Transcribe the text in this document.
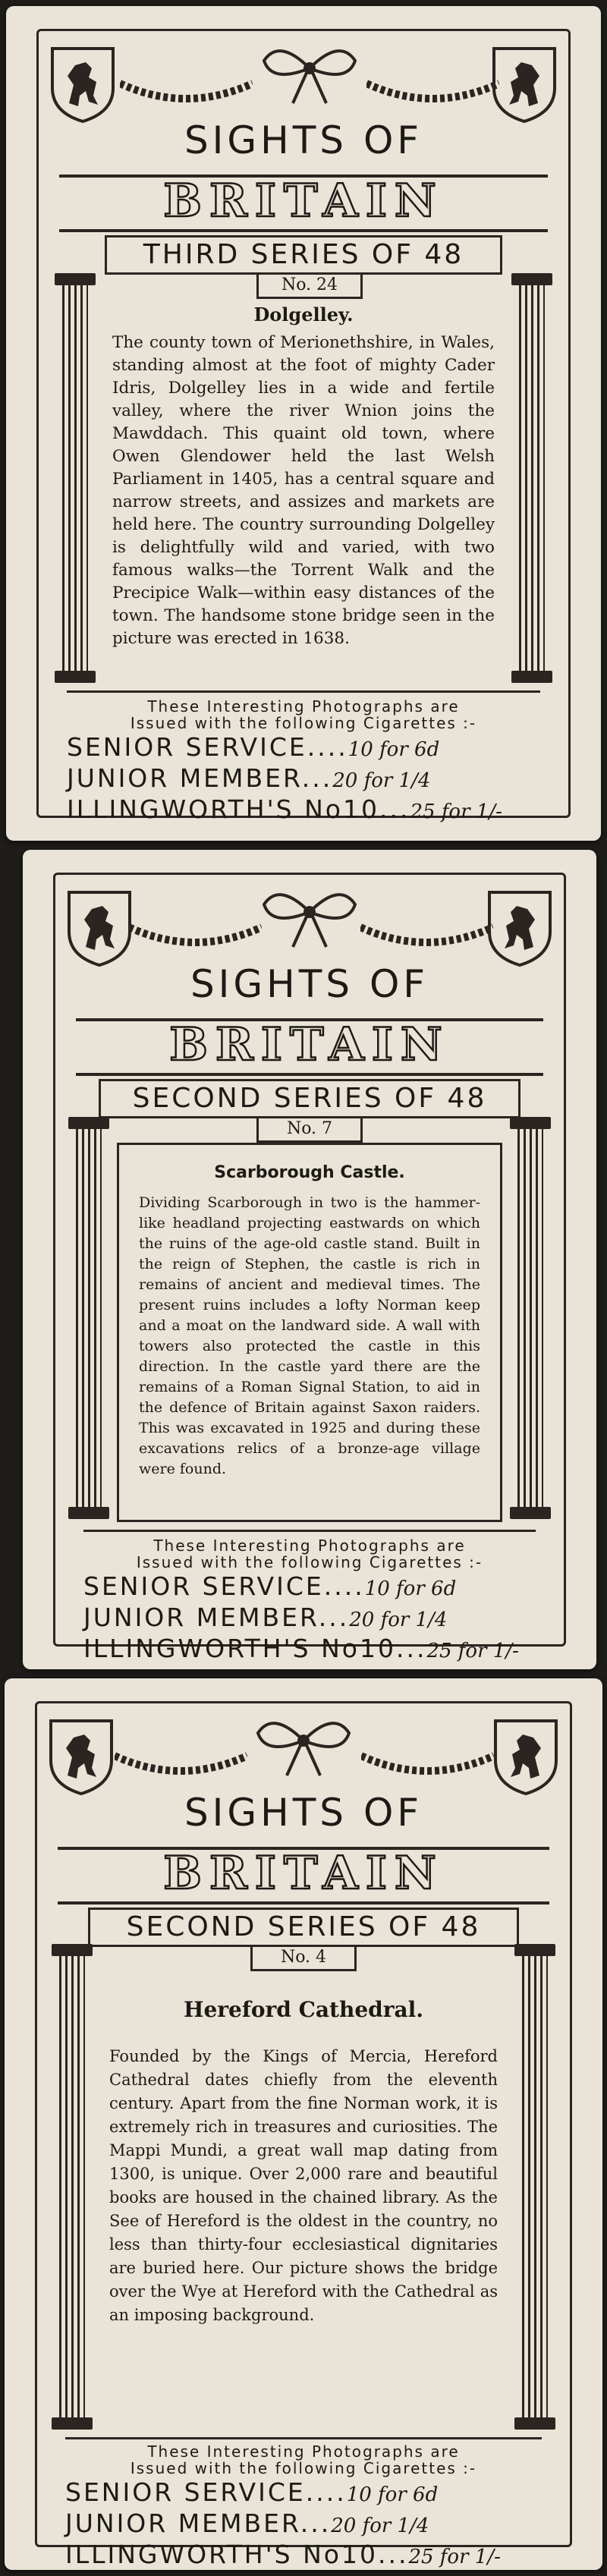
SIGHTS OF
BRITAIN
THIRD SERIES OF 48
No. 24

Dolgelley.

The county town of Merionethshire, in Wales, standing almost at the foot of mighty Cader Idris, Dolgelley lies in a wide and fertile valley, where the river Wnion joins the Mawddach. This quaint old town, where Owen Glendower held the last Welsh Parliament in 1405, has a central square and narrow streets, and assizes and markets are held here. The country surrounding Dolgelley is delightfully wild and varied, with two famous walks—the Torrent Walk and the Precipice Walk—within easy distances of the town. The handsome stone bridge seen in the picture was erected in 1638.

These Interesting Photographs are
Issued with the following Cigarettes :-
SENIOR SERVICE....10 for 6d
JUNIOR MEMBER...20 for 1/4
ILLINGWORTH'S No10...25 for 1/-
SIGHTS OF
BRITAIN
SECOND SERIES OF 48
No. 7

Scarborough Castle.

Dividing Scarborough in two is the hammer-like headland projecting eastwards on which the ruins of the age-old castle stand. Built in the reign of Stephen, the castle is rich in remains of ancient and medieval times. The present ruins includes a lofty Norman keep and a moat on the landward side. A wall with towers also protected the castle in this direction. In the castle yard there are the remains of a Roman Signal Station, to aid in the defence of Britain against Saxon raiders. This was excavated in 1925 and during these excavations relics of a bronze-age village were found.

These Interesting Photographs are
Issued with the following Cigarettes :-
SENIOR SERVICE....10 for 6d
JUNIOR MEMBER...20 for 1/4
ILLINGWORTH'S No10...25 for 1/-
SIGHTS OF
BRITAIN
SECOND SERIES OF 48
No. 4

Hereford Cathedral.

Founded by the Kings of Mercia, Hereford Cathedral dates chiefly from the eleventh century. Apart from the fine Norman work, it is extremely rich in treasures and curiosities. The Mappi Mundi, a great wall map dating from 1300, is unique. Over 2,000 rare and beautiful books are housed in the chained library. As the See of Hereford is the oldest in the country, no less than thirty-four ecclesiastical dignitaries are buried here. Our picture shows the bridge over the Wye at Hereford with the Cathedral as an imposing background.

These Interesting Photographs are
Issued with the following Cigarettes :-
SENIOR SERVICE....10 for 6d
JUNIOR MEMBER...20 for 1/4
ILLINGWORTH'S No10...25 for 1/-
